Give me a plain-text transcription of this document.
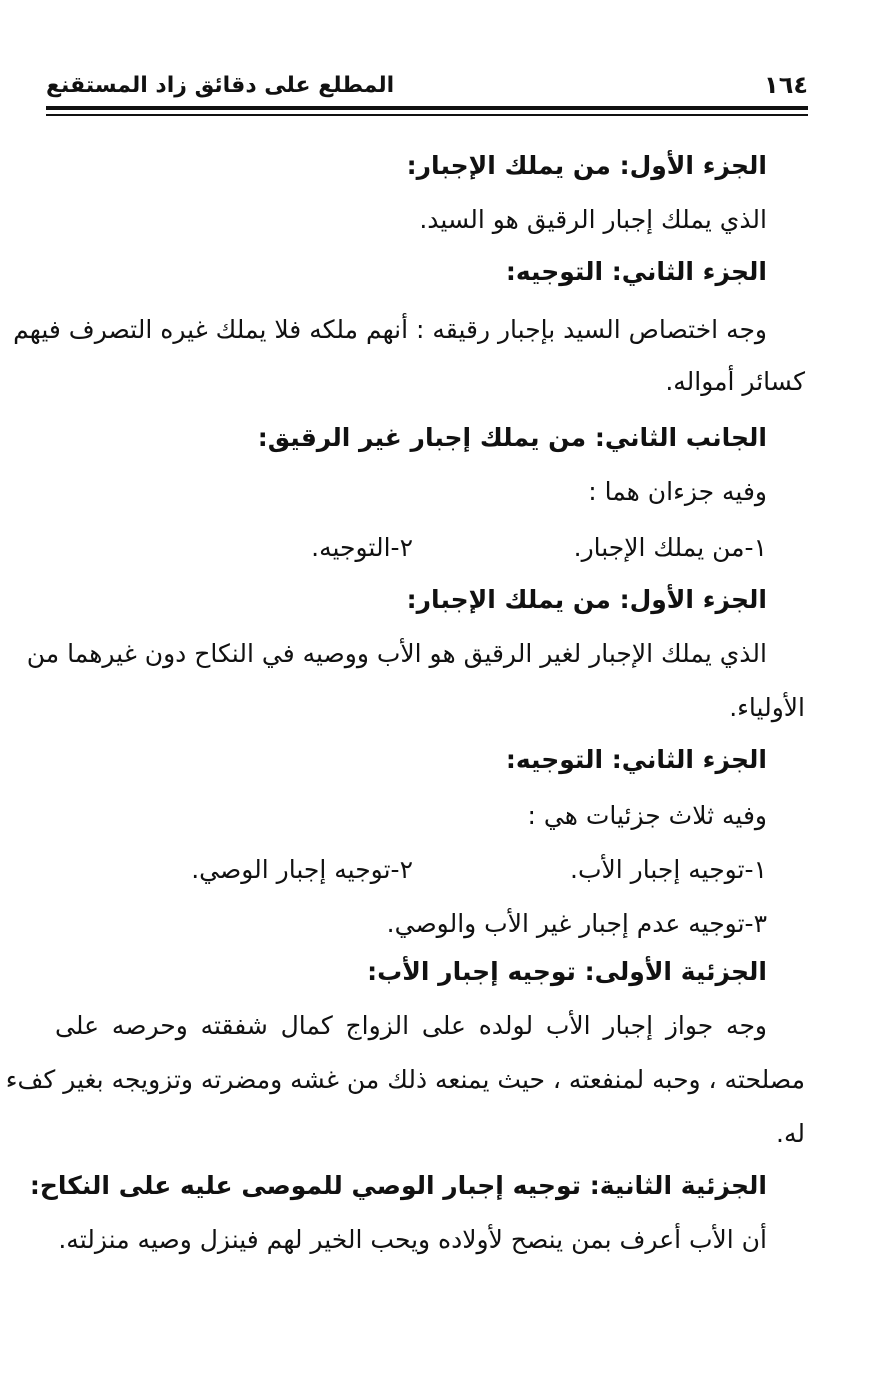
١٦٤
المطلع على دقائق زاد المستقنع
الجزء الأول: من يملك الإجبار:
الذي يملك إجبار الرقيق هو السيد.
الجزء الثاني: التوجيه:
وجه اختصاص السيد بإجبار رقيقه : أنهم ملكه فلا يملك غيره التصرف فيهم
كسائر أمواله.
الجانب الثاني: من يملك إجبار غير الرقيق:
وفيه جزءان هما :
١-من يملك الإجبار.
٢-التوجيه.
الجزء الأول: من يملك الإجبار:
الذي يملك الإجبار لغير الرقيق هو الأب ووصيه في النكاح دون غيرهما من
الأولياء.
الجزء الثاني: التوجيه:
وفيه ثلاث جزئيات هي :
١-توجيه إجبار الأب.
٢-توجيه إجبار الوصي.
٣-توجيه عدم إجبار غير الأب والوصي.
الجزئية الأولى: توجيه إجبار الأب:
وجه جواز إجبار الأب لولده على الزواج كمال شفقته وحرصه على
مصلحته ، وحبه لمنفعته ، حيث يمنعه ذلك من غشه ومضرته وتزويجه بغير كفء
له.
الجزئية الثانية: توجيه إجبار الوصي للموصى عليه على النكاح:
أن الأب أعرف بمن ينصح لأولاده ويحب الخير لهم فينزل وصيه منزلته.
